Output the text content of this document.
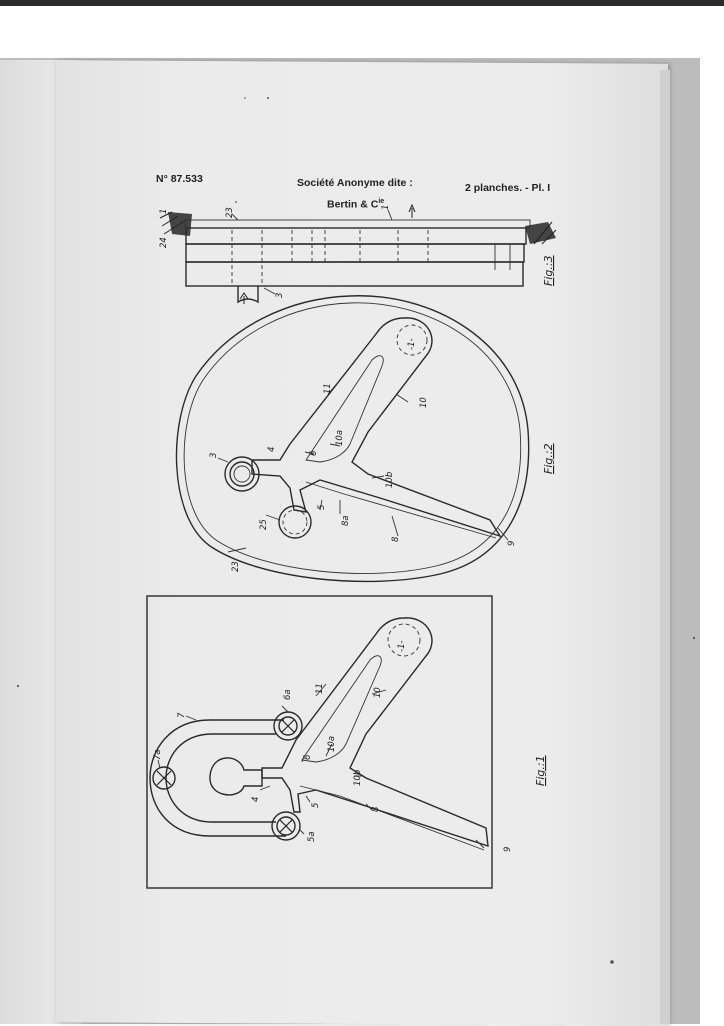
N° 87.533	Société Anonyme dite :
Bertin & $C^{ie}$
2 planches. - Pl. I
24
1	23	1
3
Fig.:3
-1-
11
10
10a
6
3
4
10b
5
8a
25
8
9
23
Fig.:2
-1-
11	10
6a
7
10a
7a	6
10b
4
5
8
5a
9
Fig.:1
